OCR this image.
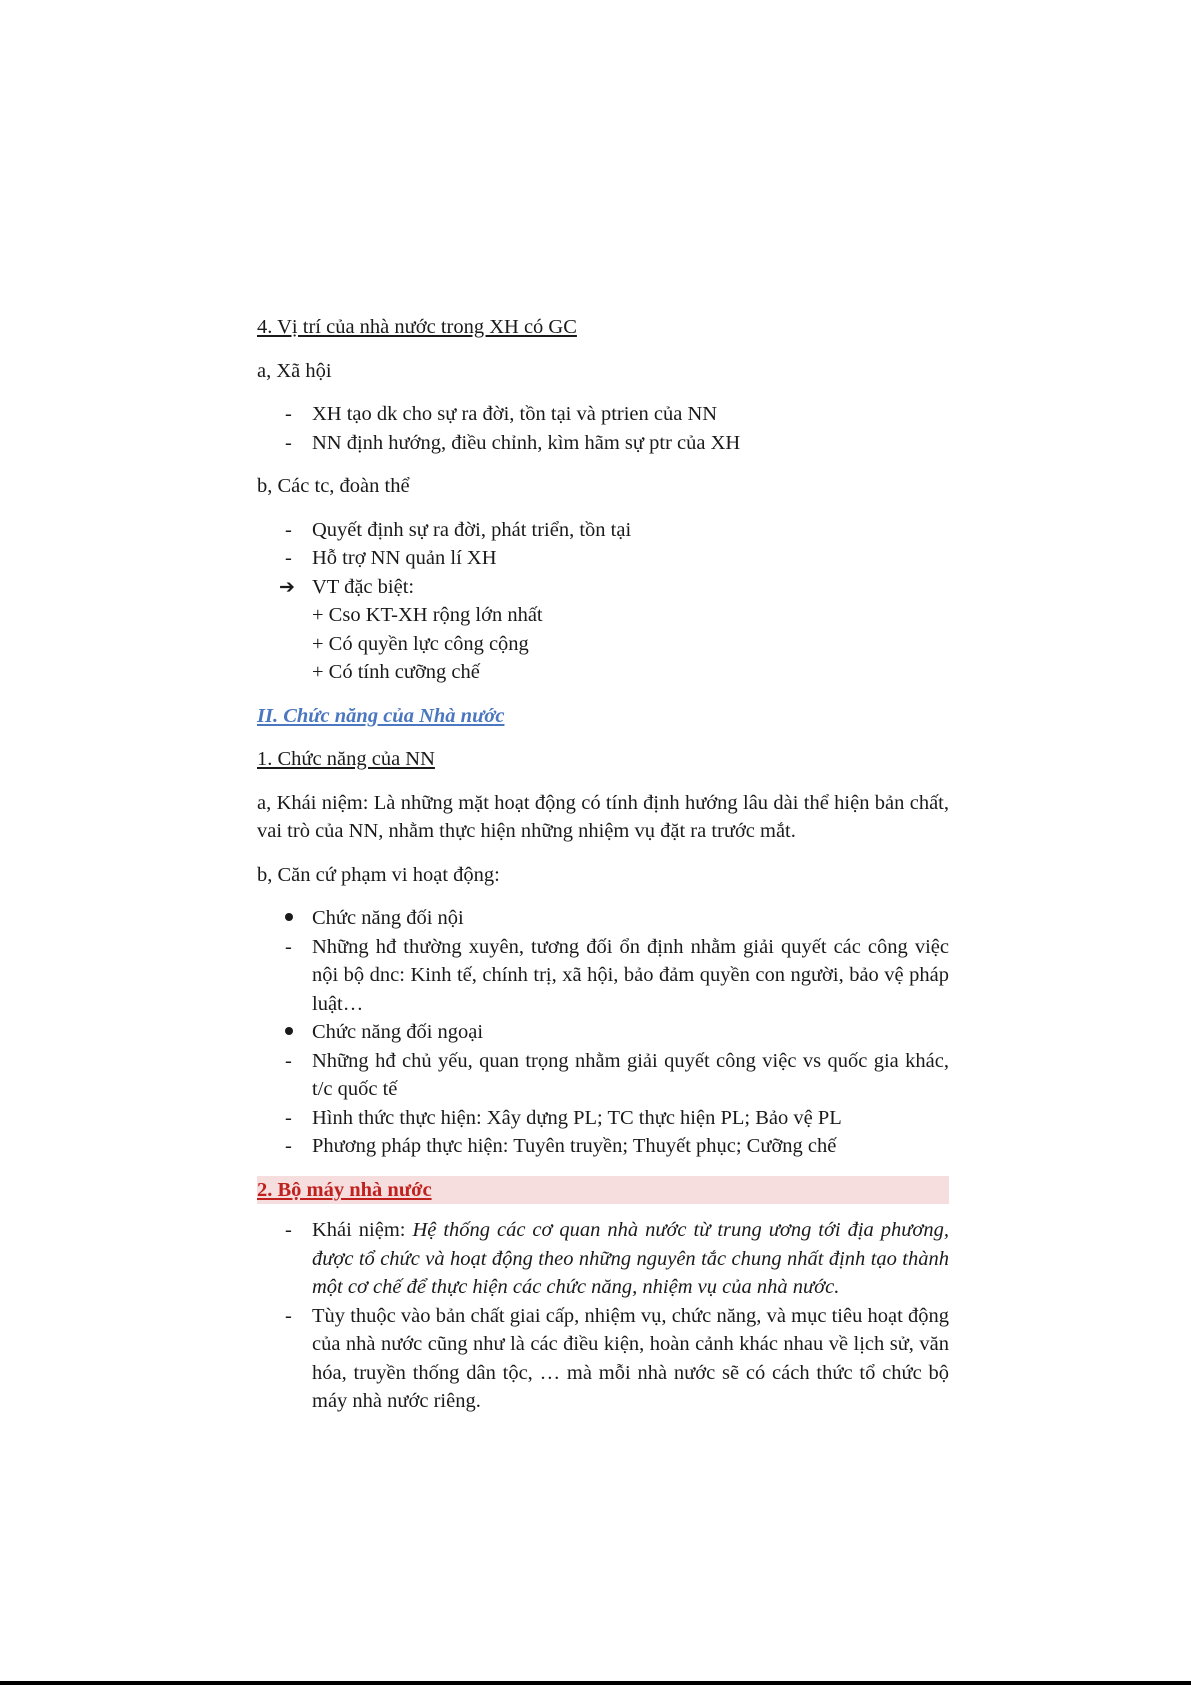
4. Vị trí của nhà nước trong XH có GC
a, Xã hội
- XH tạo dk cho sự ra đời, tồn tại và ptrien của NN
- NN định hướng, điều chỉnh, kìm hãm sự ptr của XH
b, Các tc, đoàn thể
- Quyết định sự ra đời, phát triển, tồn tại
- Hỗ trợ NN quản lí XH
➔ VT đặc biệt:
+ Cso KT-XH rộng lớn nhất
+ Có quyền lực công cộng
+ Có tính cưỡng chế
II. Chức năng của Nhà nước
1. Chức năng của NN
a, Khái niệm: Là những mặt hoạt động có tính định hướng lâu dài thể hiện bản chất, vai trò của NN, nhằm thực hiện những nhiệm vụ đặt ra trước mắt.
b, Căn cứ phạm vi hoạt động:
Chức năng đối nội
- Những hđ thường xuyên, tương đối ổn định nhằm giải quyết các công việc nội bộ dnc: Kinh tế, chính trị, xã hội, bảo đảm quyền con người, bảo vệ pháp luật…
Chức năng đối ngoại
- Những hđ chủ yếu, quan trọng nhằm giải quyết công việc vs quốc gia khác, t/c quốc tế
- Hình thức thực hiện: Xây dựng PL; TC thực hiện PL; Bảo vệ PL
- Phương pháp thực hiện: Tuyên truyền; Thuyết phục; Cưỡng chế
2. Bộ máy nhà nước
- Khái niệm: Hệ thống các cơ quan nhà nước từ trung ương tới địa phương, được tổ chức và hoạt động theo những nguyên tắc chung nhất định tạo thành một cơ chế để thực hiện các chức năng, nhiệm vụ của nhà nước.
- Tùy thuộc vào bản chất giai cấp, nhiệm vụ, chức năng, và mục tiêu hoạt động của nhà nước cũng như là các điều kiện, hoàn cảnh khác nhau về lịch sử, văn hóa, truyền thống dân tộc, … mà mỗi nhà nước sẽ có cách thức tổ chức bộ máy nhà nước riêng.
